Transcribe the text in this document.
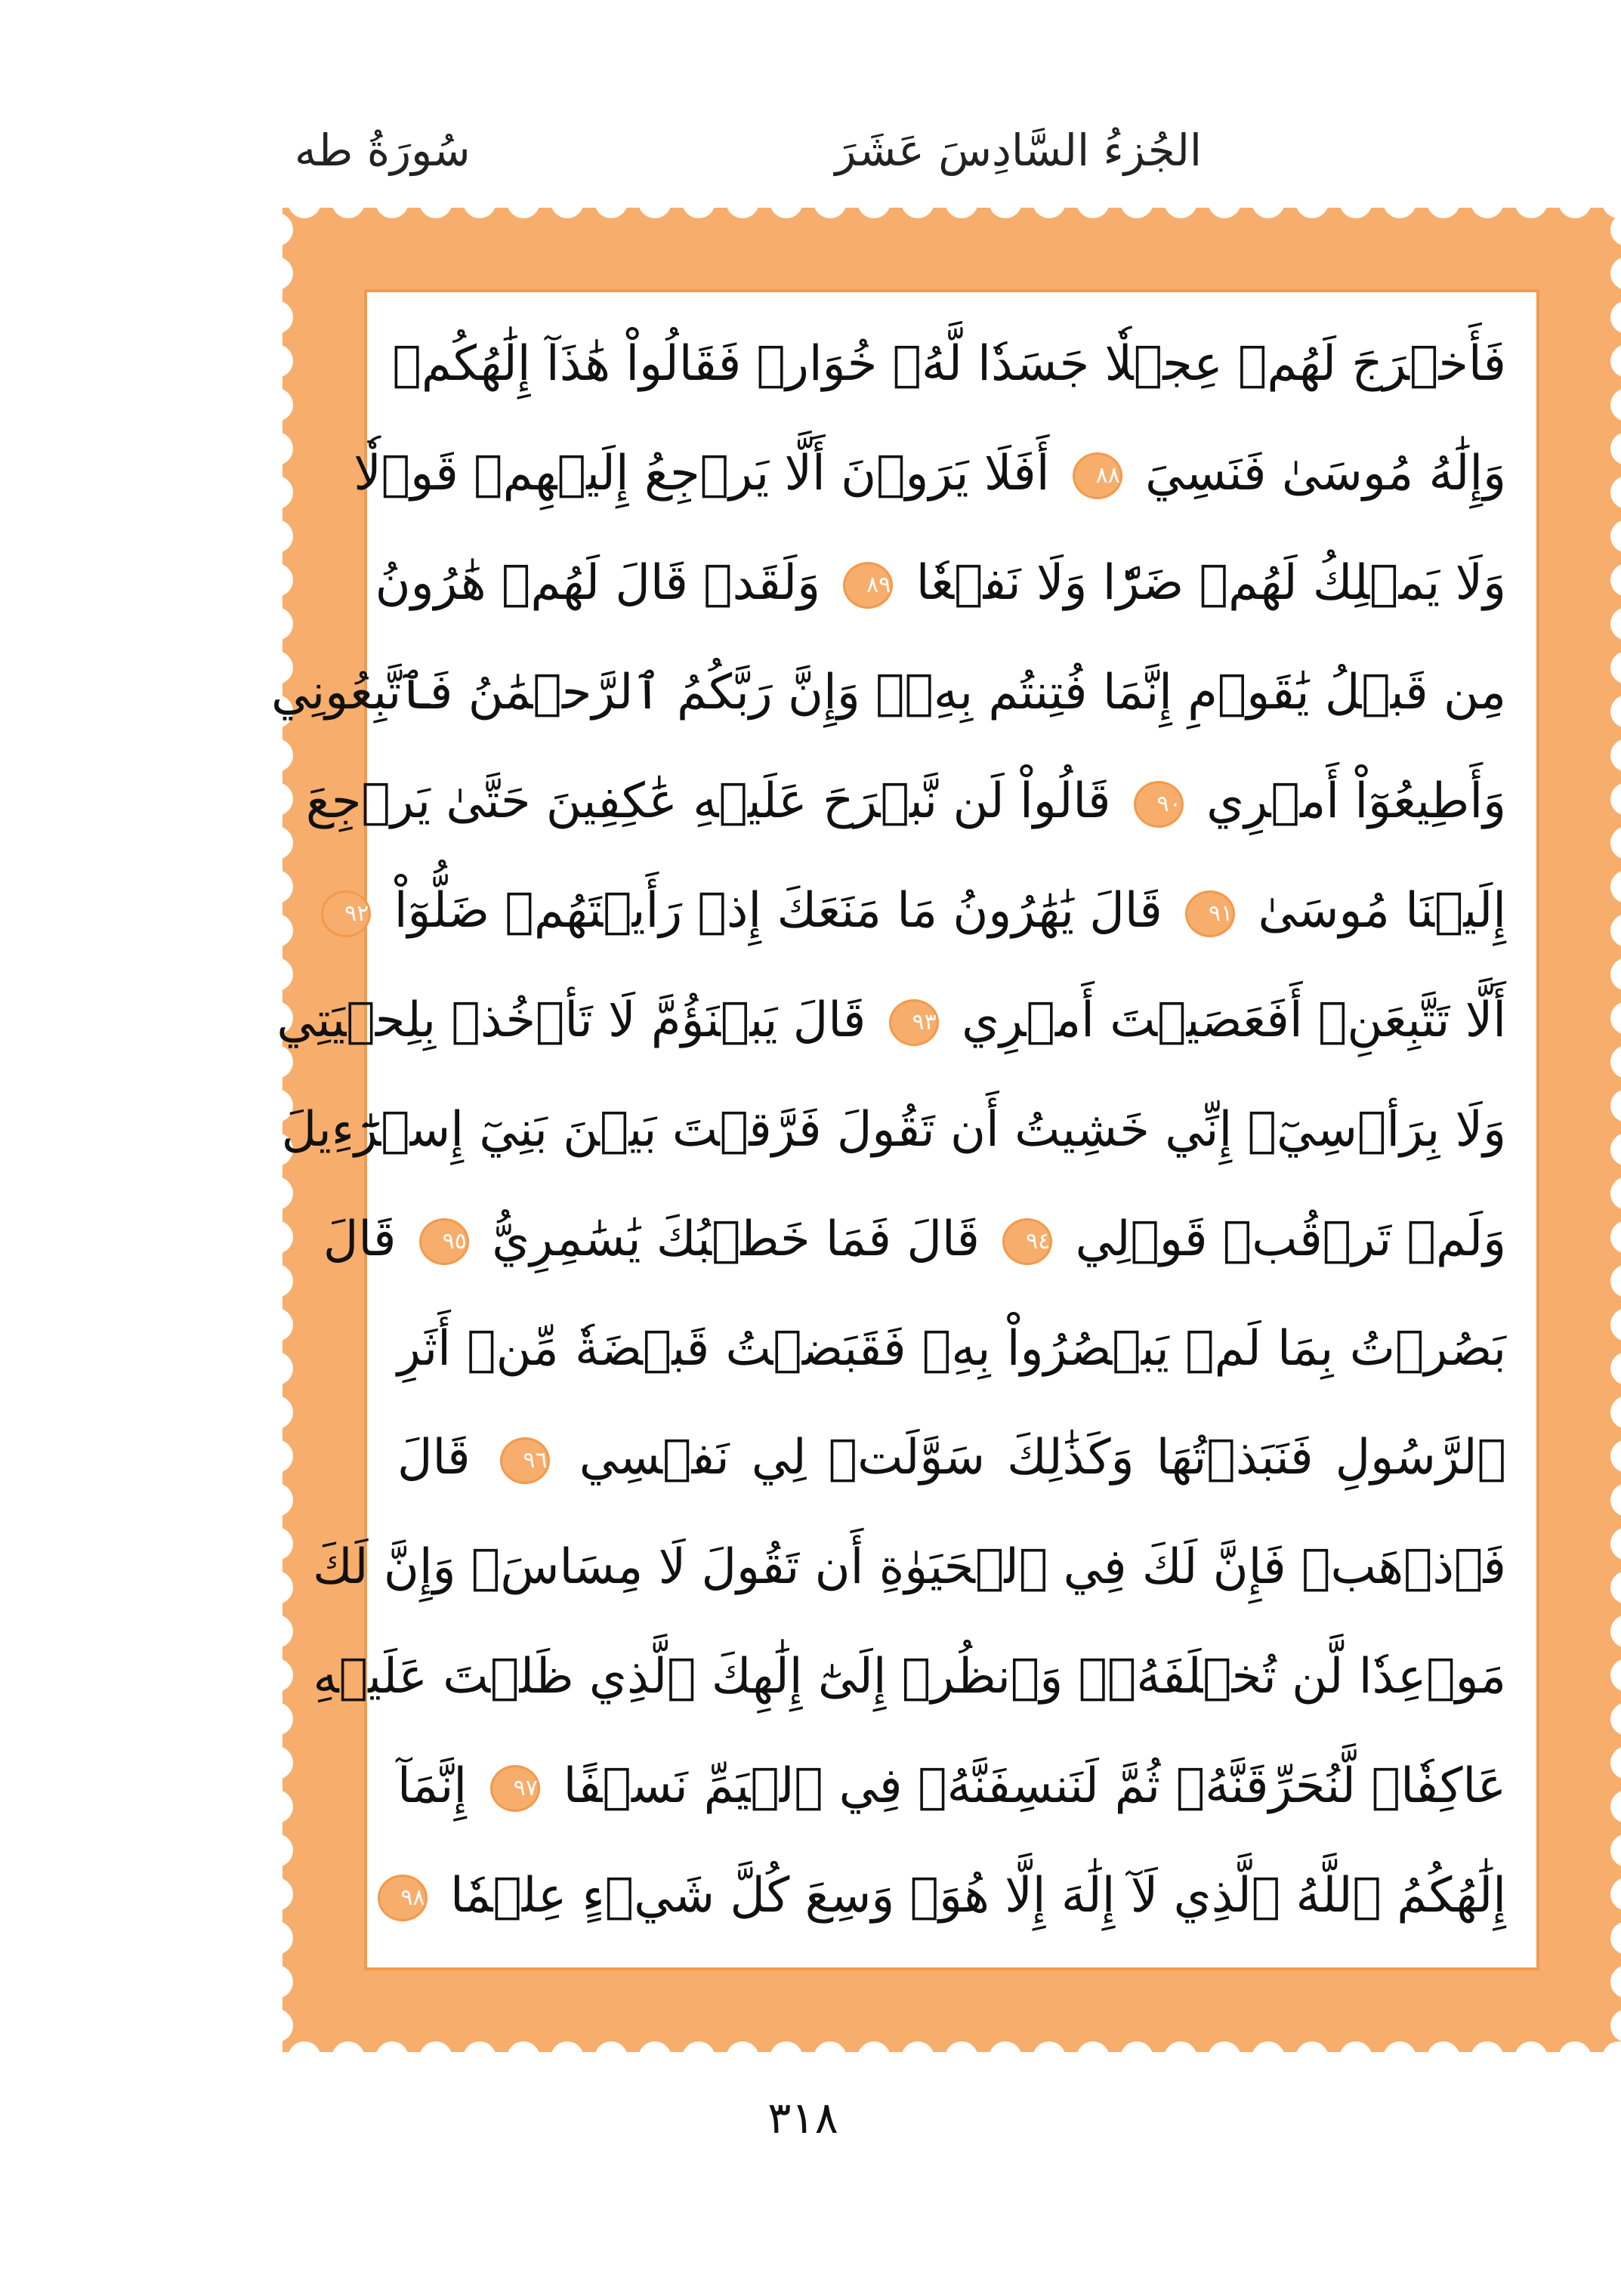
الجُزءُ السَّادِسَ عَشَرَ
سُورَةُ طه
فَأَخۡرَجَ لَهُمۡ عِجۡلٗا جَسَدٗا لَّهُۥ خُوَارٞ فَقَالُواْ هَٰذَآ إِلَٰهُكُمۡ
وَإِلَٰهُ مُوسَىٰ فَنَسِيَ ٨٨ أَفَلَا يَرَوۡنَ أَلَّا يَرۡجِعُ إِلَيۡهِمۡ قَوۡلٗا
وَلَا يَمۡلِكُ لَهُمۡ ضَرّٗا وَلَا نَفۡعٗا ٨٩ وَلَقَدۡ قَالَ لَهُمۡ هَٰرُونُ
مِن قَبۡلُ يَٰقَوۡمِ إِنَّمَا فُتِنتُم بِهِۦۖ وَإِنَّ رَبَّكُمُ ٱلرَّحۡمَٰنُ فَٱتَّبِعُونِي
وَأَطِيعُوٓاْ أَمۡرِي ٩٠ قَالُواْ لَن نَّبۡرَحَ عَلَيۡهِ عَٰكِفِينَ حَتَّىٰ يَرۡجِعَ
إِلَيۡنَا مُوسَىٰ ٩١ قَالَ يَٰهَٰرُونُ مَا مَنَعَكَ إِذۡ رَأَيۡتَهُمۡ ضَلُّوٓاْ ٩٢
أَلَّا تَتَّبِعَنِۖ أَفَعَصَيۡتَ أَمۡرِي ٩٣ قَالَ يَبۡنَؤُمَّ لَا تَأۡخُذۡ بِلِحۡيَتِي
وَلَا بِرَأۡسِيٓۖ إِنِّي خَشِيتُ أَن تَقُولَ فَرَّقۡتَ بَيۡنَ بَنِيٓ إِسۡرَٰٓءِيلَ
وَلَمۡ تَرۡقُبۡ قَوۡلِي ٩٤ قَالَ فَمَا خَطۡبُكَ يَٰسَٰمِرِيُّ ٩٥ قَالَ
بَصُرۡتُ بِمَا لَمۡ يَبۡصُرُواْ بِهِۦ فَقَبَضۡتُ قَبۡضَةٗ مِّنۡ أَثَرِ
ٱلرَّسُولِ فَنَبَذۡتُهَا وَكَذَٰلِكَ سَوَّلَتۡ لِي نَفۡسِي ٩٦ قَالَ
فَٱذۡهَبۡ فَإِنَّ لَكَ فِي ٱلۡحَيَوٰةِ أَن تَقُولَ لَا مِسَاسَۖ وَإِنَّ لَكَ
مَوۡعِدٗا لَّن تُخۡلَفَهُۥۖ وَٱنظُرۡ إِلَىٰٓ إِلَٰهِكَ ٱلَّذِي ظَلۡتَ عَلَيۡهِ
عَاكِفٗاۖ لَّنُحَرِّقَنَّهُۥ ثُمَّ لَنَنسِفَنَّهُۥ فِي ٱلۡيَمِّ نَسۡفًا ٩٧ إِنَّمَآ
إِلَٰهُكُمُ ٱللَّهُ ٱلَّذِي لَآ إِلَٰهَ إِلَّا هُوَۚ وَسِعَ كُلَّ شَيۡءٍ عِلۡمٗا ٩٨
٣١٨
